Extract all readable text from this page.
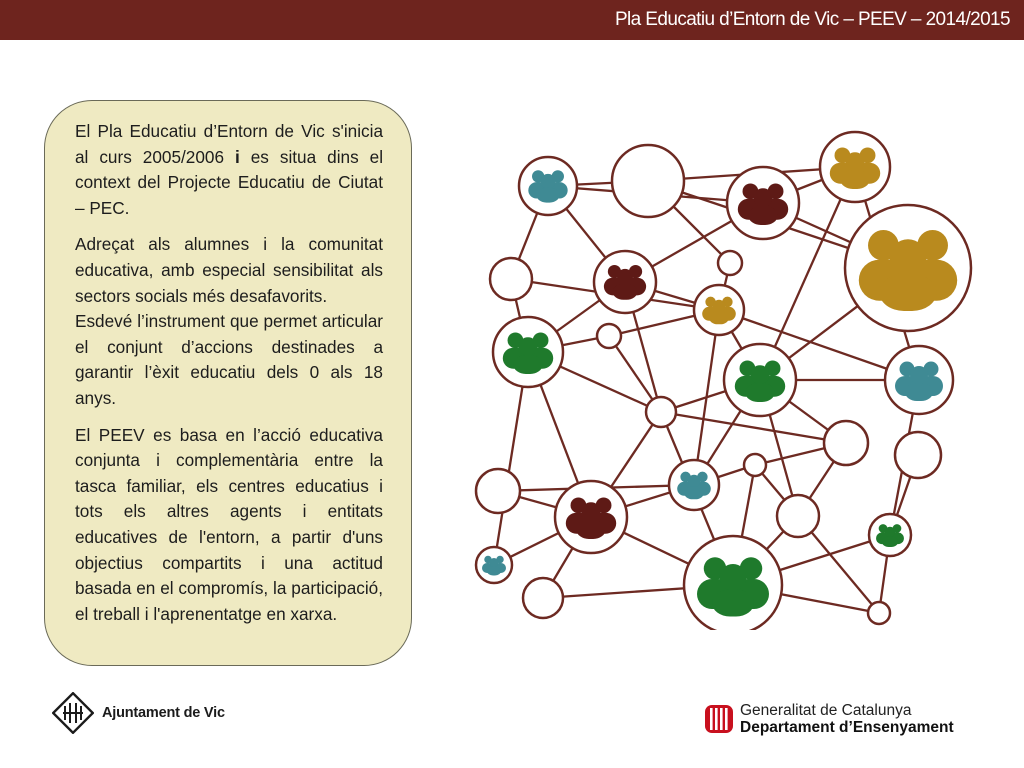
Pla Educatiu d’Entorn de Vic – PEEV – 2014/2015

El Pla Educatiu d’Entorn de Vic s'inicia al curs 2005/2006 i es situa dins el context del Projecte Educatiu de Ciutat – PEC.

Adreçat als alumnes i la comunitat educativa, amb especial sensibilitat als sectors socials més desafavorits.

Esdevé l’instrument que permet articular el conjunt d’accions destinades a garantir l’èxit educatiu dels 0 als 18 anys.

El PEEV es basa en l’acció educativa conjunta i complementària entre la tasca familiar, els centres educatius i tots els altres agents i entitats educatives de l'entorn, a partir d'uns objectius compartits i una actitud basada en el compromís, la participació, el treball i l'aprenentatge en xarxa.

Ajuntament de Vic	Generalitat de Catalunya
Departament d’Ensenyament
